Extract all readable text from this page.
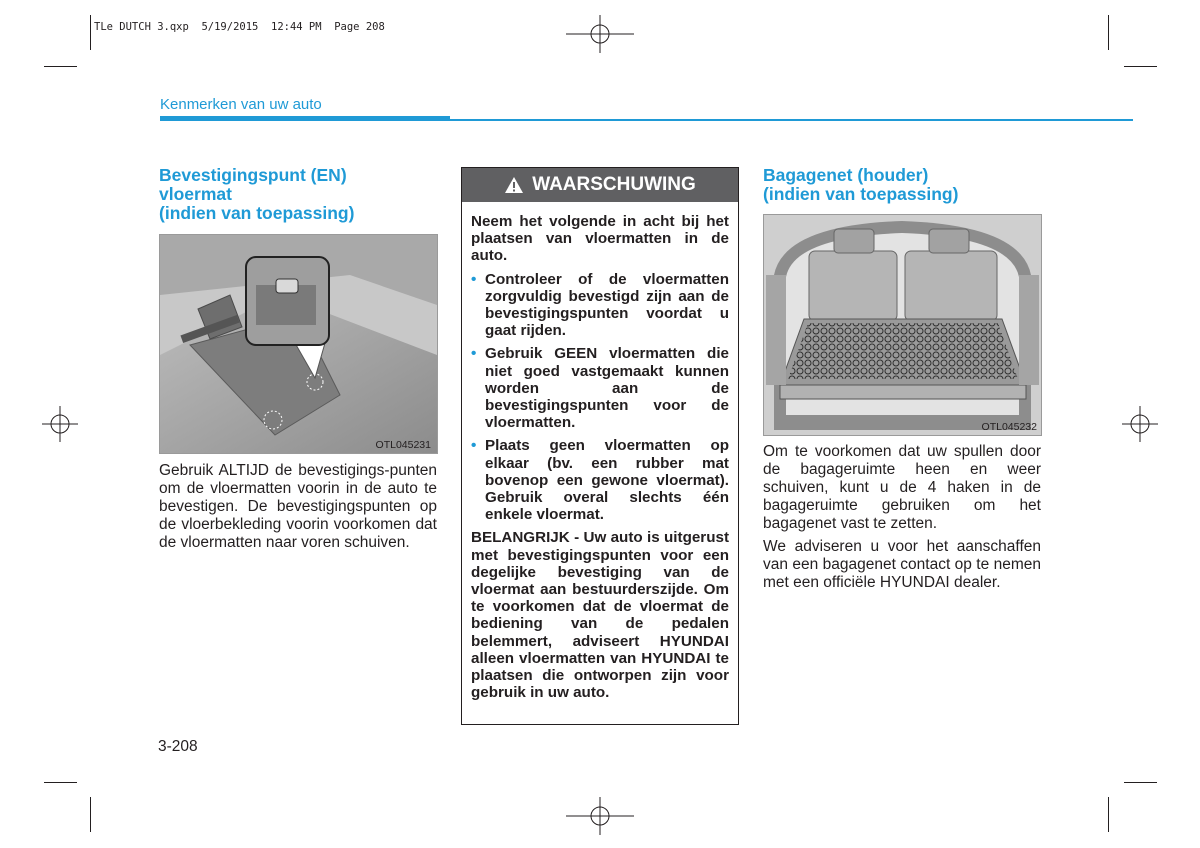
TLe DUTCH 3.qxp  5/19/2015  12:44 PM  Page 208
Kenmerken van uw auto
Bevestigingspunt (EN)
vloermat
(indien van toepassing)
OTL045231
Gebruik ALTIJD de bevestigings-punten om de vloermatten voorin in de auto te bevestigen. De bevestigingspunten op de vloerbekleding voorin voorkomen dat de vloermatten naar voren schuiven.
WAARSCHUWING

Neem het volgende in acht bij het plaatsen van vloermatten in de auto.

• Controleer of de vloermatten zorgvuldig bevestigd zijn aan de bevestigingspunten voordat u gaat rijden.
• Gebruik GEEN vloermatten die niet goed vastgemaakt kunnen worden aan de bevestigingspunten voor de vloermatten.
• Plaats geen vloermatten op elkaar (bv. een rubber mat bovenop een gewone vloermat). Gebruik overal slechts één enkele vloermat.

BELANGRIJK - Uw auto is uitgerust met bevestigingspunten voor een degelijke bevestiging van de vloermat aan bestuurderszijde. Om te voorkomen dat de vloermat de bediening van de pedalen belemmert, adviseert HYUNDAI alleen vloermatten van HYUNDAI te plaatsen die ontworpen zijn voor gebruik in uw auto.

Bagagenet (houder)
(indien van toepassing)
OTL045232
Om te voorkomen dat uw spullen door de bagageruimte heen en weer schuiven, kunt u de 4 haken in de bagageruimte gebruiken om het bagagenet vast te zetten.
We adviseren u voor het aanschaffen van een bagagenet contact op te nemen met een officiële HYUNDAI dealer.
3-208
